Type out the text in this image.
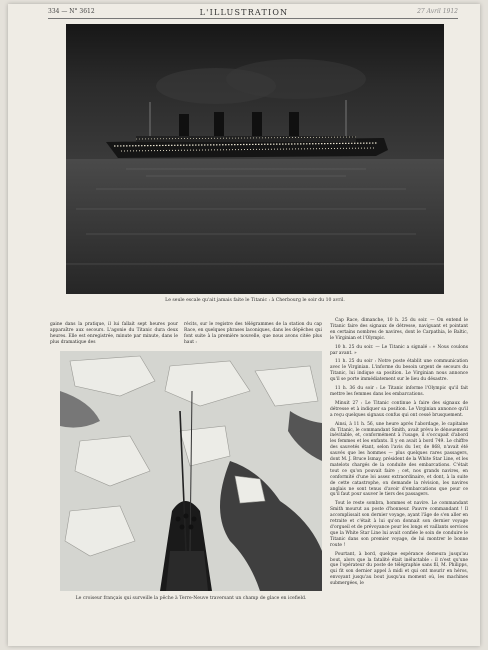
334 — N° 3612	L'ILLUSTRATION	27 Avril 1912
Le seule escale qu'ait jamais faite le Titanic : à Cherbourg le soir du 10 avril.

gaine dans la pratique, il lui fallait sept heures pour apparaître aux secours. L'agonie du Titanic dura deux heures. Elle est enregistrée, minute par minute, dans le plus dramatique des

récits, sur le registre des télégrammes de la station du cap Race, en quelques phrases laconiques, dans les dépêches qui font suite à la première nouvelle, que nous avons citée plus haut :

Le croiseur français qui surveille la pêche à Terre-Neuve traversant un champ de glace en icefield.

Cap Race, dimanche, 10 h. 25 du soir. — On entend le Titanic faire des signaux de détresse, naviguant et pointant en certains nombres de navires, dont le Carpathia, le Baltic, le Virginian et l'Olympic.

10 h. 25 du soir. — Le Titanic a signalé : « Nous coulons par avant. »

11 h. 25 du soir : Notre poste établit une communication avec le Virginian. L'informe du besoin urgent de secours du Titanic, lui indique sa position. Le Virginian nous annonce qu'il se porte immédiatement sur le lieu du désastre.

11 h. 36 du soir : Le Titanic informe l'Olympic qu'il fait mettre les femmes dans les embarcations.

Minuit 27 : Le Titanic continue à faire des signaux de détresse et à indiquer sa position. Le Virginian annonce qu'il a reçu quelques signaux confus qui ont cessé brusquement.

Ainsi, à 11 h. 56, une heure après l'abordage, le capitaine du Titanic, le commandant Smith, avait prévu le dénouement inévitable, et, conformément à l'usage, il s'occupait d'abord les femmes et les enfants. Il y en avait à bord 749. Le chiffre des sauvetés étant, selon l'avis du 1er, de 868, n'avait été sauvés que les hommes — plus quelques rares passagers, dont M. J. Bruce Ismay, président de la White Star Line, et les matelots chargés de la conduite des embarcations. C'était tout ce qu'on pouvait faire ; cet, nos grands navires, en conformité d'une loi assez extraordinaire, et dont, à la suite de cette catastrophe, on demande la révision, les navires anglais ne sont tenus d'avoir d'embarcations que pour ce qu'il faut pour sauver le tiers des passagers.

Tout le reste sombra, hommes et navire. Le commandant Smith mourut au poste d'honneur. Pauvre commandant ! Il accomplissait son dernier voyage, ayant l'âge de s'en aller en retraite et c'était à lui qu'on donnait son dernier voyage d'orgueil et de prévoyance pour les longs et vaillants services que la White Star Line lui avait confiée le soin de conduire le Titanic dans son premier voyage, de lui montrer le bonne route !

Pourtant, à bord, quelque espérance demeura jusqu'au bout, alors que la fatalité était inéluctable : il n'est qu'une que l'opérateur du poste de télégraphie sans fil, M. Philipps, qui fit son dernier appel à midi et qui ont mourir en héros, envoyant jusqu'au bout jusqu'au moment où, les machines submergées, le
